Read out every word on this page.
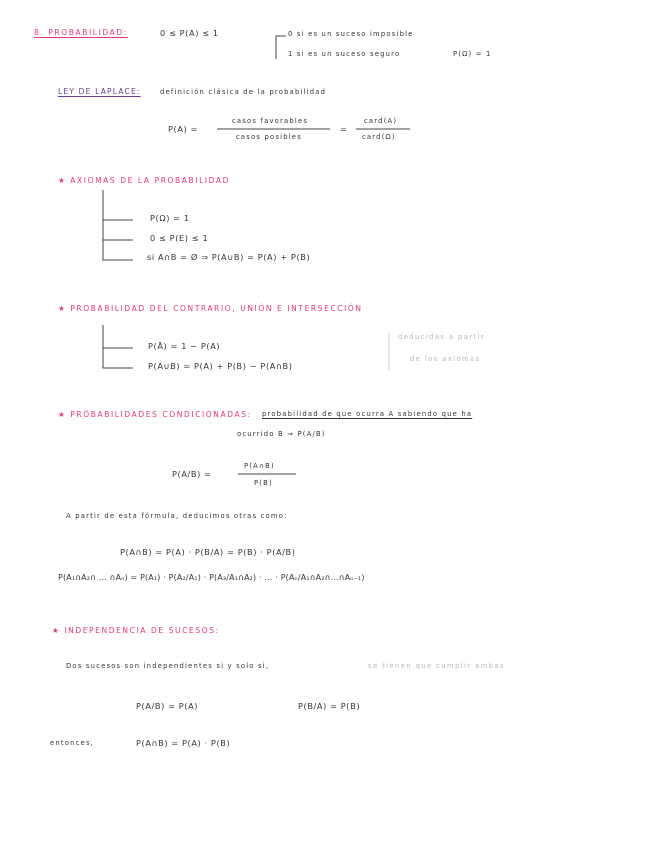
8. PROBABILIDAD:	0 ≤ P(A) ≤ 1	0 si es un suceso imposible
1 si es un suceso seguro	P(Ω) = 1
LEY DE LAPLACE:	definición clásica de la probabilidad
P(A) =
casos favorables
casos posibles
=
card(A)
card(Ω)
★ AXIOMAS DE LA PROBABILIDAD
P(Ω) = 1
0 ≤ P(E) ≤ 1
si A∩B = Ø ⇒ P(A∪B) = P(A) + P(B)
★ PROBABILIDAD DEL CONTRARIO, UNIÓN E INTERSECCIÓN
P(Ā) = 1 − P(A)
P(A∪B) = P(A) + P(B) − P(A∩B)
deducidas a partir
de los axiomas
★ PROBABILIDADES CONDICIONADAS: probabilidad de que ocurra A sabiendo que ha
ocurrido B ⇒ P(A/B)
P(A/B) =
P(A∩B)
P(B)
A partir de esta fórmula, deducimos otras como:
P(A∩B) = P(A) · P(B/A) = P(B) · P(A/B)
P(A₁∩A₂∩ ... ∩Aₙ) = P(A₁) · P(A₂/A₁) · P(A₃/A₁∩A₂) · ... · P(Aₙ/A₁∩A₂∩...∩Aₙ₋₁)
★ INDEPENDENCIA DE SUCESOS:
Dos sucesos son independientes si y solo si,	se tienen que cumplir ambas
P(A/B) = P(A)	P(B/A) = P(B)
entonces,	P(A∩B) = P(A) · P(B)
